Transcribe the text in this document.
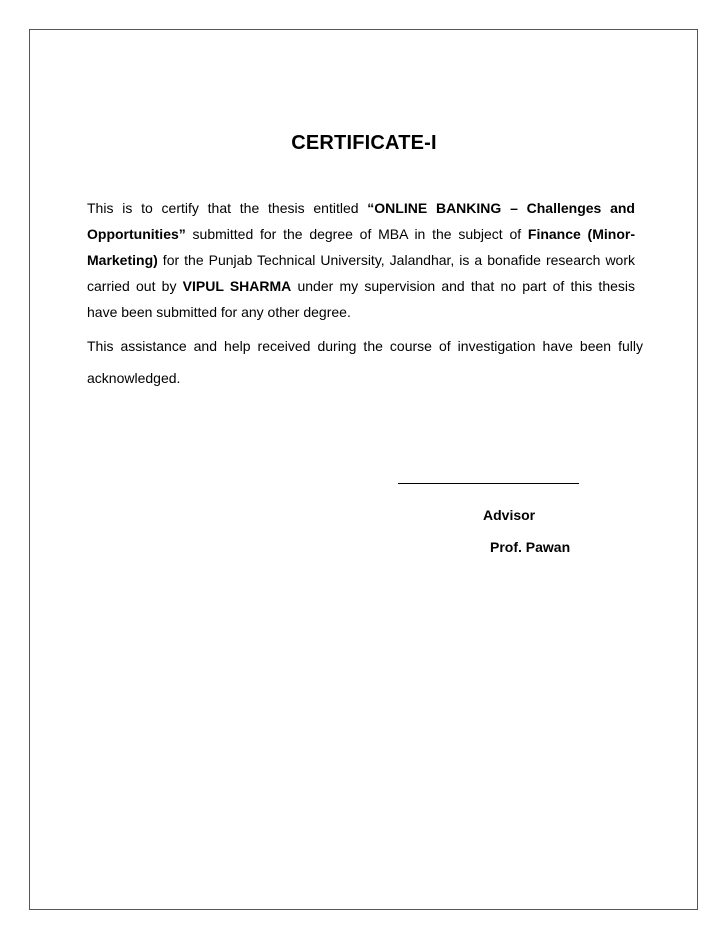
CERTIFICATE-I
This is to certify that the thesis entitled “ONLINE BANKING – Challenges and Opportunities” submitted for the degree of MBA in the subject of Finance (Minor-Marketing) for the Punjab Technical University, Jalandhar, is a bonafide research work carried out by VIPUL SHARMA under my supervision and that no part of this thesis have been submitted for any other degree.
This assistance and help received during the course of investigation have been fully acknowledged.
Advisor
Prof. Pawan
